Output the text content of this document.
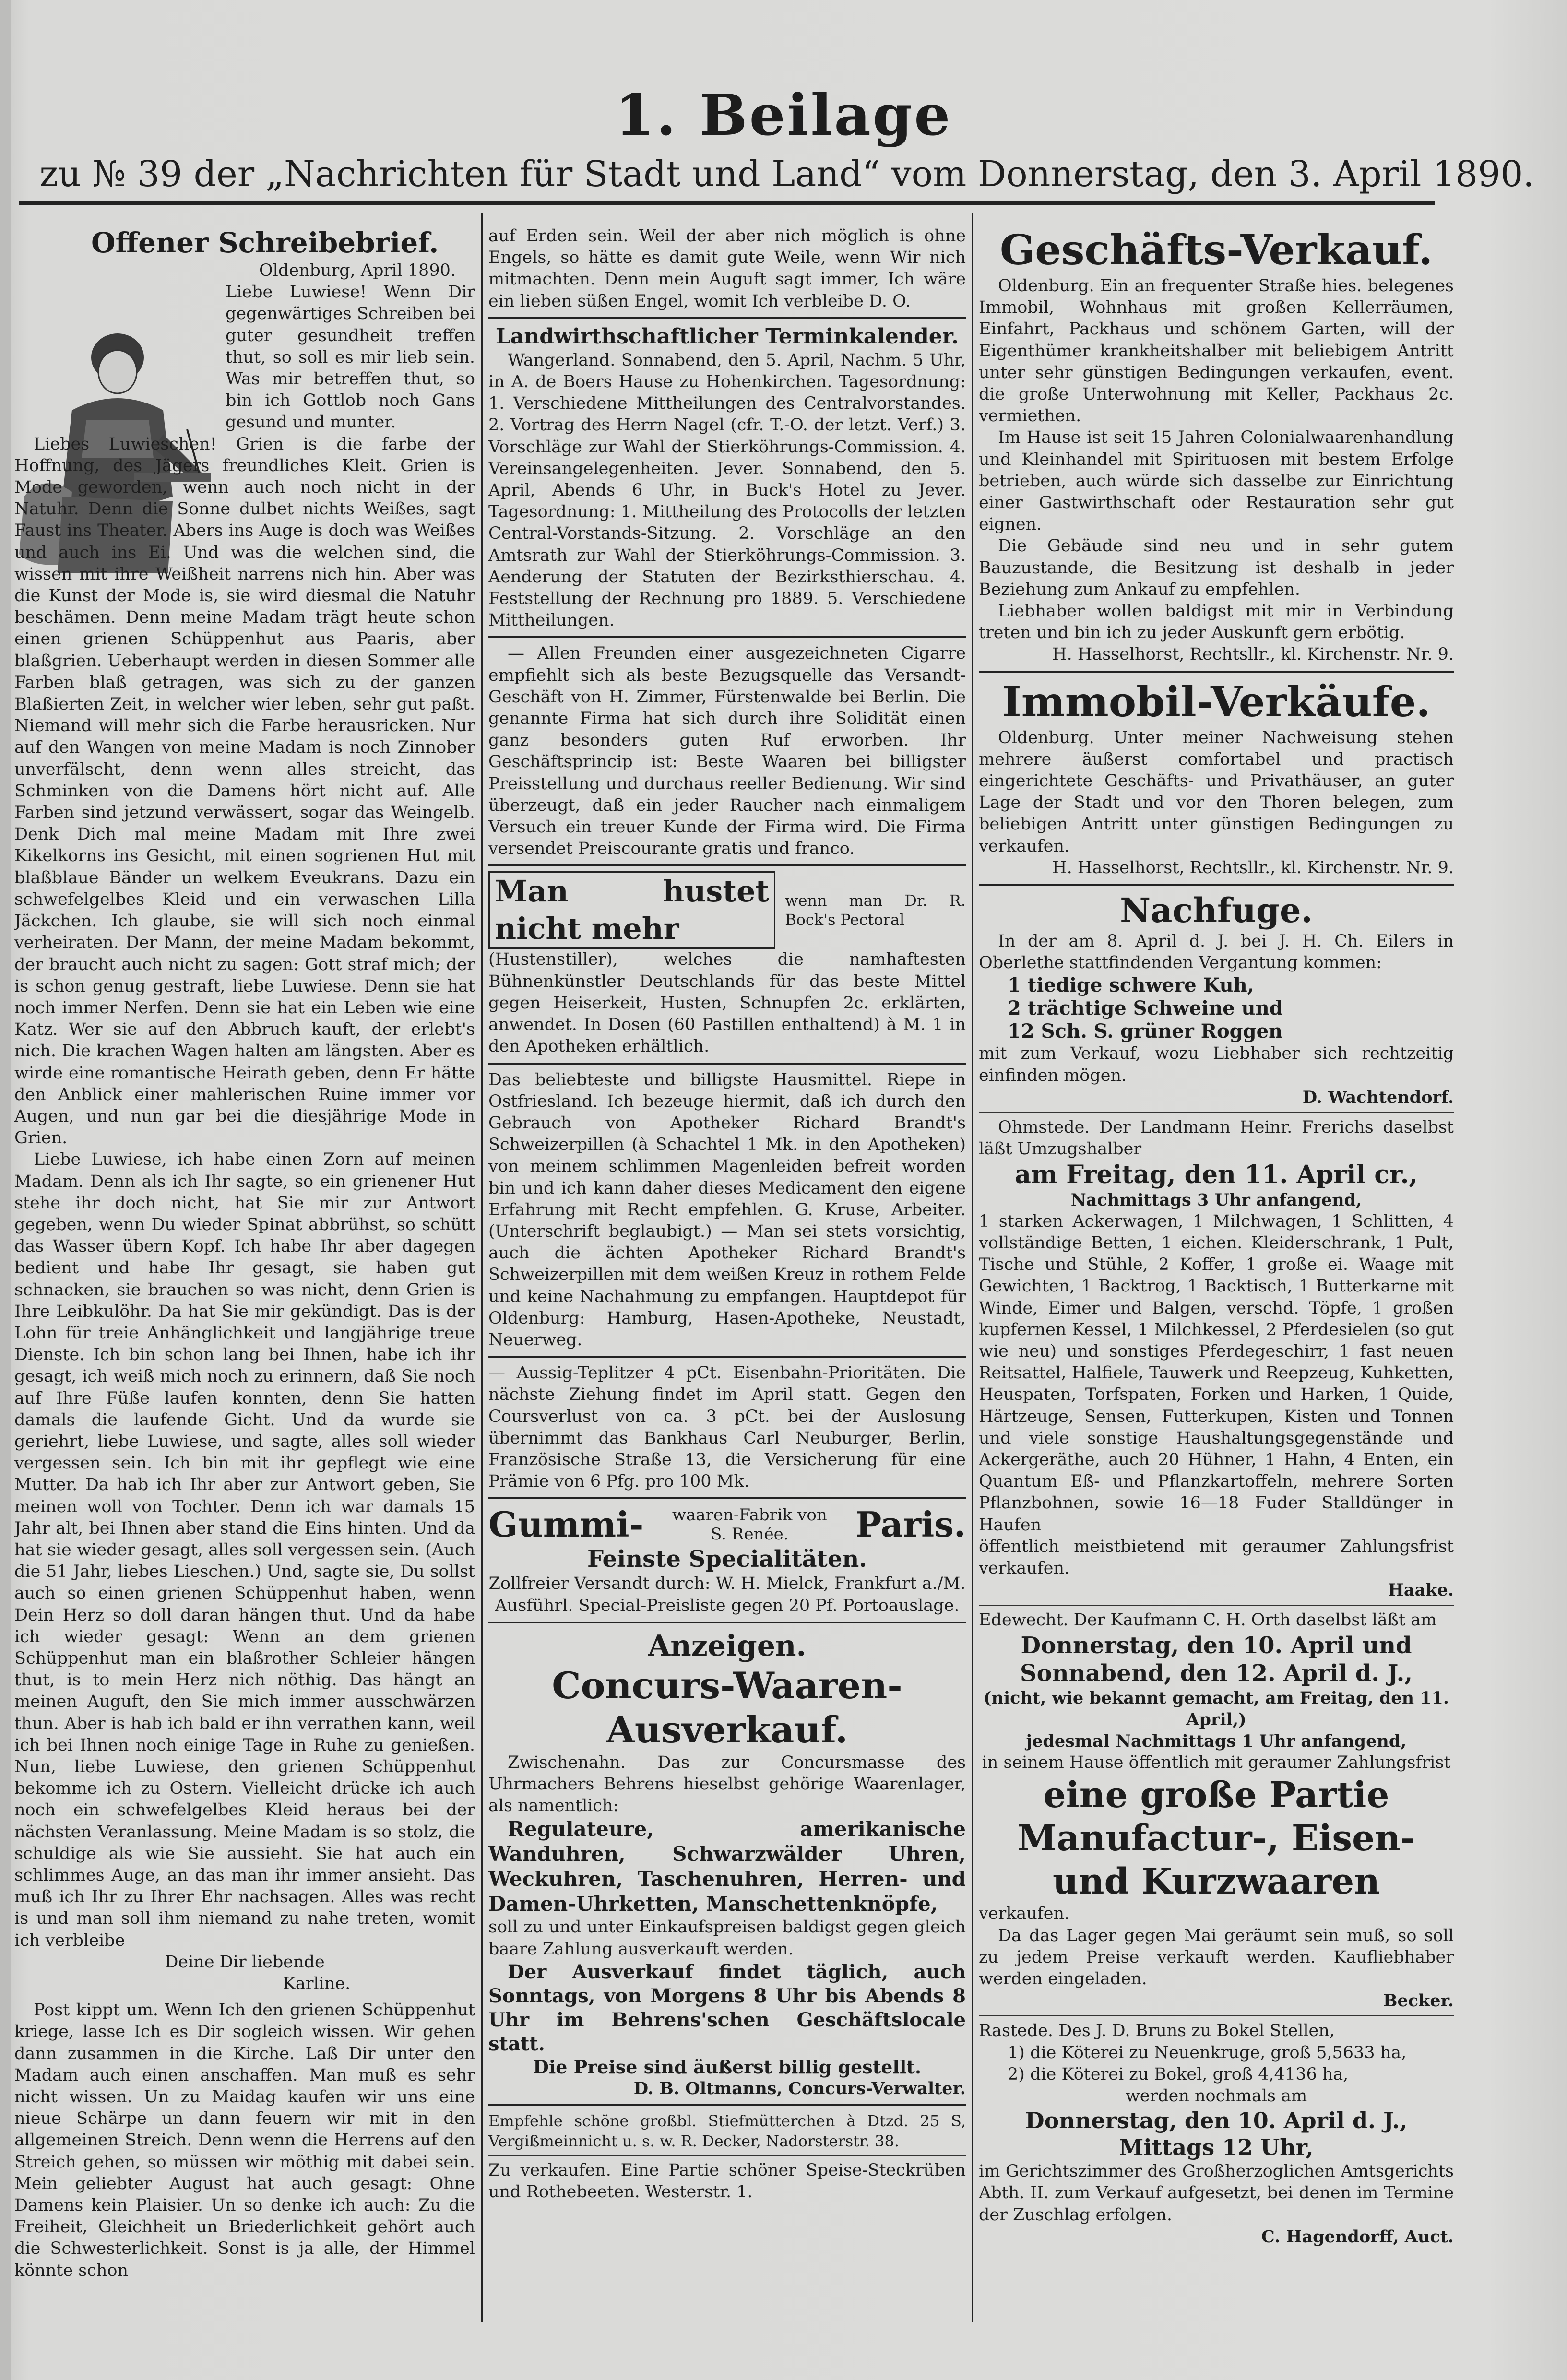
1. Beilage
zu № 39 der „Nachrichten für Stadt und Land“ vom Donnerstag, den 3. April 1890.

Offener Schreibebrief.

Oldenburg, April 1890.

Liebe Luwiese! Wenn Dir gegenwärtiges Schreiben bei guter gesundheit treffen thut, so soll es mir lieb sein. Was mir betreffen thut, so bin ich Gottlob noch Gans gesund und munter.

Liebes Luwieschen! Grien is die farbe der Hoffnung, des Jägers freundliches Kleit. Grien is Mode geworden, wenn auch noch nicht in der Natuhr. Denn die Sonne dulbet nichts Weißes, sagt Faust ins Theater. Abers ins Auge is doch was Weißes und auch ins Ei. Und was die welchen sind, die wissen mit ihre Weißheit narrens nich hin. Aber was die Kunst der Mode is, sie wird diesmal die Natuhr beschämen. Denn meine Madam trägt heute schon einen grienen Schüppenhut aus Paaris, aber blaßgrien. Ueberhaupt werden in diesen Sommer alle Farben blaß getragen, was sich zu der ganzen Blaßierten Zeit, in welcher wier leben, sehr gut paßt. Niemand will mehr sich die Farbe herausricken. Nur auf den Wangen von meine Madam is noch Zinnober unverfälscht, denn wenn alles streicht, das Schminken von die Damens hört nicht auf. Alle Farben sind jetzund verwässert, sogar das Weingelb. Denk Dich mal meine Madam mit Ihre zwei Kikelkorns ins Gesicht, mit einen sogrienen Hut mit blaßblaue Bänder un welkem Eveukrans. Dazu ein schwefelgelbes Kleid und ein verwaschen Lilla Jäckchen. Ich glaube, sie will sich noch einmal verheiraten. Der Mann, der meine Madam bekommt, der braucht auch nicht zu sagen: Gott straf mich; der is schon genug gestraft, liebe Luwiese. Denn sie hat noch immer Nerfen. Denn sie hat ein Leben wie eine Katz. Wer sie auf den Abbruch kauft, der erlebt's nich. Die krachen Wagen halten am längsten. Aber es wirde eine romantische Heirath geben, denn Er hätte den Anblick einer mahlerischen Ruine immer vor Augen, und nun gar bei die diesjährige Mode in Grien.

Liebe Luwiese, ich habe einen Zorn auf meinen Madam. Denn als ich Ihr sagte, so ein grienener Hut stehe ihr doch nicht, hat Sie mir zur Antwort gegeben, wenn Du wieder Spinat abbrühst, so schütt das Wasser übern Kopf. Ich habe Ihr aber dagegen bedient und habe Ihr gesagt, sie haben gut schnacken, sie brauchen so was nicht, denn Grien is Ihre Leibkulöhr. Da hat Sie mir gekündigt. Das is der Lohn für treie Anhänglichkeit und langjährige treue Dienste. Ich bin schon lang bei Ihnen, habe ich ihr gesagt, ich weiß mich noch zu erinnern, daß Sie noch auf Ihre Füße laufen konnten, denn Sie hatten damals die laufende Gicht. Und da wurde sie geriehrt, liebe Luwiese, und sagte, alles soll wieder vergessen sein. Ich bin mit ihr gepflegt wie eine Mutter. Da hab ich Ihr aber zur Antwort geben, Sie meinen woll von Tochter. Denn ich war damals 15 Jahr alt, bei Ihnen aber stand die Eins hinten. Und da hat sie wieder gesagt, alles soll vergessen sein. (Auch die 51 Jahr, liebes Lieschen.) Und, sagte sie, Du sollst auch so einen grienen Schüppenhut haben, wenn Dein Herz so doll daran hängen thut. Und da habe ich wieder gesagt: Wenn an dem grienen Schüppenhut man ein blaßrother Schleier hängen thut, is to mein Herz nich nöthig. Das hängt an meinen Auguft, den Sie mich immer ausschwärzen thun. Aber is hab ich bald er ihn verrathen kann, weil ich bei Ihnen noch einige Tage in Ruhe zu genießen. Nun, liebe Luwiese, den grienen Schüppenhut bekomme ich zu Ostern. Vielleicht drücke ich auch noch ein schwefelgelbes Kleid heraus bei der nächsten Veranlassung. Meine Madam is so stolz, die schuldige als wie Sie aussieht. Sie hat auch ein schlimmes Auge, an das man ihr immer ansieht. Das muß ich Ihr zu Ihrer Ehr nachsagen. Alles was recht is und man soll ihm niemand zu nahe treten, womit ich verbleibe

Deine Dir liebende

Karline.

Post kippt um. Wenn Ich den grienen Schüppenhut kriege, lasse Ich es Dir sogleich wissen. Wir gehen dann zusammen in die Kirche. Laß Dir unter den Madam auch einen anschaffen. Man muß es sehr nicht wissen. Un zu Maidag kaufen wir uns eine nieue Schärpe un dann feuern wir mit in den allgemeinen Streich. Denn wenn die Herrens auf den Streich gehen, so müssen wir möthig mit dabei sein. Mein geliebter August hat auch gesagt: Ohne Damens kein Plaisier. Un so denke ich auch: Zu die Freiheit, Gleichheit un Briederlichkeit gehört auch die Schwesterlichkeit. Sonst is ja alle, der Himmel könnte schon

auf Erden sein. Weil der aber nich möglich is ohne Engels, so hätte es damit gute Weile, wenn Wir nich mitmachten. Denn mein Auguft sagt immer, Ich wäre ein lieben süßen Engel, womit Ich verbleibe D. O.

Landwirthschaftlicher Terminkalender.

Wangerland. Sonnabend, den 5. April, Nachm. 5 Uhr, in A. de Boers Hause zu Hohenkirchen. Tagesordnung: 1. Verschiedene Mittheilungen des Centralvorstandes. 2. Vortrag des Herrn Nagel (cfr. T.-O. der letzt. Verf.) 3. Vorschläge zur Wahl der Stierköhrungs-Commission. 4. Vereinsangelegenheiten. Jever. Sonnabend, den 5. April, Abends 6 Uhr, in Buck's Hotel zu Jever. Tagesordnung: 1. Mittheilung des Protocolls der letzten Central-Vorstands-Sitzung. 2. Vorschläge an den Amtsrath zur Wahl der Stierköhrungs-Commission. 3. Aenderung der Statuten der Bezirksthierschau. 4. Feststellung der Rechnung pro 1889. 5. Verschiedene Mittheilungen.

— Allen Freunden einer ausgezeichneten Cigarre empfiehlt sich als beste Bezugsquelle das Versandt-Geschäft von H. Zimmer, Fürstenwalde bei Berlin. Die genannte Firma hat sich durch ihre Solidität einen ganz besonders guten Ruf erworben. Ihr Geschäftsprincip ist: Beste Waaren bei billigster Preisstellung und durchaus reeller Bedienung. Wir sind überzeugt, daß ein jeder Raucher nach einmaligem Versuch ein treuer Kunde der Firma wird. Die Firma versendet Preiscourante gratis und franco.

Man hustet nicht mehr
wenn man Dr. R. Bock's Pectoral

(Hustenstiller), welches die namhaftesten Bühnenkünstler Deutschlands für das beste Mittel gegen Heiserkeit, Husten, Schnupfen 2c. erklärten, anwendet. In Dosen (60 Pastillen enthaltend) à M. 1 in den Apotheken erhältlich.

Das beliebteste und billigste Hausmittel. Riepe in Ostfriesland. Ich bezeuge hiermit, daß ich durch den Gebrauch von Apotheker Richard Brandt's Schweizerpillen (à Schachtel 1 Mk. in den Apotheken) von meinem schlimmen Magenleiden befreit worden bin und ich kann daher dieses Medicament den eigene Erfahrung mit Recht empfehlen. G. Kruse, Arbeiter. (Unterschrift beglaubigt.) — Man sei stets vorsichtig, auch die ächten Apotheker Richard Brandt's Schweizerpillen mit dem weißen Kreuz in rothem Felde und keine Nachahmung zu empfangen. Hauptdepot für Oldenburg: Hamburg, Hasen-Apotheke, Neustadt, Neuerweg.

— Aussig-Teplitzer 4 pCt. Eisenbahn-Prioritäten. Die nächste Ziehung findet im April statt. Gegen den Coursverlust von ca. 3 pCt. bei der Auslosung übernimmt das Bankhaus Carl Neuburger, Berlin, Französische Straße 13, die Versicherung für eine Prämie von 6 Pfg. pro 100 Mk.

Gummi- waaren-Fabrik von S. Renée.	Paris.

Feinste Specialitäten.

Zollfreier Versandt durch: W. H. Mielck, Frankfurt a./M.

Ausführl. Special-Preisliste gegen 20 Pf. Portoauslage.

Anzeigen.

Concurs-Waaren-Ausverkauf.

Zwischenahn. Das zur Concursmasse des Uhrmachers Behrens hieselbst gehörige Waarenlager, als namentlich:

Regulateure, amerikanische Wanduhren, Schwarzwälder Uhren, Weckuhren, Taschenuhren, Herren- und Damen-Uhrketten, Manschettenknöpfe,

soll zu und unter Einkaufspreisen baldigst gegen gleich baare Zahlung ausverkauft werden.

Der Ausverkauf findet täglich, auch Sonntags, von Morgens 8 Uhr bis Abends 8 Uhr im Behrens'schen Geschäftslocale statt.

Die Preise sind äußerst billig gestellt.

D. B. Oltmanns, Concurs-Verwalter.

Empfehle schöne großbl. Stiefmütterchen à Dtzd. 25 S, Vergißmeinnicht u. s. w. R. Decker, Nadorsterstr. 38.

Zu verkaufen. Eine Partie schöner Speise-Steckrüben und Rothebeeten. Westerstr. 1.

Geschäfts-Verkauf.

Oldenburg. Ein an frequenter Straße hies. belegenes Immobil, Wohnhaus mit großen Kellerräumen, Einfahrt, Packhaus und schönem Garten, will der Eigenthümer krankheitshalber mit beliebigem Antritt unter sehr günstigen Bedingungen verkaufen, event. die große Unterwohnung mit Keller, Packhaus 2c. vermiethen.

Im Hause ist seit 15 Jahren Colonialwaarenhandlung und Kleinhandel mit Spirituosen mit bestem Erfolge betrieben, auch würde sich dasselbe zur Einrichtung einer Gastwirthschaft oder Restauration sehr gut eignen.

Die Gebäude sind neu und in sehr gutem Bauzustande, die Besitzung ist deshalb in jeder Beziehung zum Ankauf zu empfehlen.

Liebhaber wollen baldigst mit mir in Verbindung treten und bin ich zu jeder Auskunft gern erbötig.

H. Hasselhorst, Rechtsllr., kl. Kirchenstr. Nr. 9.

Immobil-Verkäufe.

Oldenburg. Unter meiner Nachweisung stehen mehrere äußerst comfortabel und practisch eingerichtete Geschäfts- und Privathäuser, an guter Lage der Stadt und vor den Thoren belegen, zum beliebigen Antritt unter günstigen Bedingungen zu verkaufen.

H. Hasselhorst, Rechtsllr., kl. Kirchenstr. Nr. 9.

Nachfuge.

In der am 8. April d. J. bei J. H. Ch. Eilers in Oberlethe stattfindenden Vergantung kommen:

1 tiedige schwere Kuh,

2 trächtige Schweine und

12 Sch. S. grüner Roggen

mit zum Verkauf, wozu Liebhaber sich rechtzeitig einfinden mögen.

D. Wachtendorf.

Ohmstede. Der Landmann Heinr. Frerichs daselbst läßt Umzugshalber

am Freitag, den 11. April cr.,

Nachmittags 3 Uhr anfangend,

1 starken Ackerwagen, 1 Milchwagen, 1 Schlitten, 4 vollständige Betten, 1 eichen. Kleiderschrank, 1 Pult, Tische und Stühle, 2 Koffer, 1 große ei. Waage mit Gewichten, 1 Backtrog, 1 Backtisch, 1 Butterkarne mit Winde, Eimer und Balgen, verschd. Töpfe, 1 großen kupfernen Kessel, 1 Milchkessel, 2 Pferdesielen (so gut wie neu) und sonstiges Pferdegeschirr, 1 fast neuen Reitsattel, Halfiele, Tauwerk und Reepzeug, Kuhketten, Heuspaten, Torfspaten, Forken und Harken, 1 Quide, Härtzeuge, Sensen, Futterkupen, Kisten und Tonnen und viele sonstige Haushaltungsgegenstände und Ackergeräthe, auch 20 Hühner, 1 Hahn, 4 Enten, ein Quantum Eß- und Pflanzkartoffeln, mehrere Sorten Pflanzbohnen, sowie 16—18 Fuder Stalldünger in Haufen

öffentlich meistbietend mit geraumer Zahlungsfrist verkaufen.

Haake.

Edewecht. Der Kaufmann C. H. Orth daselbst läßt am

Donnerstag, den 10. April und Sonnabend, den 12. April d. J.,

(nicht, wie bekannt gemacht, am Freitag, den 11. April,)

jedesmal Nachmittags 1 Uhr anfangend,

in seinem Hause öffentlich mit geraumer Zahlungsfrist

eine große Partie Manufactur-, Eisen- und Kurzwaaren

verkaufen.

Da das Lager gegen Mai geräumt sein muß, so soll zu jedem Preise verkauft werden. Kaufliebhaber werden eingeladen.

Becker.

Rastede. Des J. D. Bruns zu Bokel Stellen,

1) die Köterei zu Neuenkruge, groß 5,5633 ha,

2) die Köterei zu Bokel, groß 4,4136 ha,

werden nochmals am

Donnerstag, den 10. April d. J., Mittags 12 Uhr,

im Gerichtszimmer des Großherzoglichen Amtsgerichts Abth. II. zum Verkauf aufgesetzt, bei denen im Termine der Zuschlag erfolgen.

C. Hagendorff, Auct.
